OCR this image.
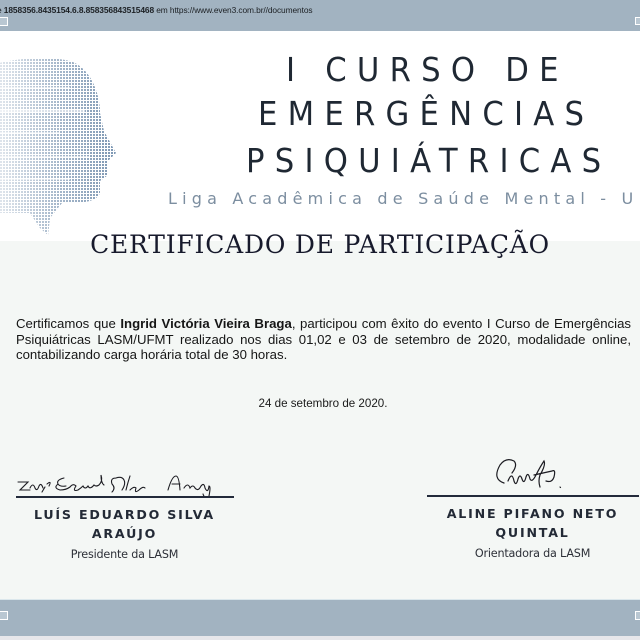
1858356.8435154.6.8.858356843515468 em https://www.even3.com.br//documentos
I CURSO DE
EMERGÊNCIAS
PSIQUIÁTRICAS
Liga Acadêmica de Saúde Mental - U
CERTIFICADO DE PARTICIPAÇÃO
Certificamos que Ingrid Victória Vieira Braga, participou com êxito do evento I Curso de Emergências Psiquiátricas LASM/UFMT realizado nos dias 01,02 e 03 de setembro de 2020, modalidade online, contabilizando carga horária total de 30 horas.
24 de setembro de 2020.
LUÍS EDUARDO SILVA
ARAÚJO
Presidente da LASM
ALINE PIFANO NETO
QUINTAL
Orientadora da LASM
